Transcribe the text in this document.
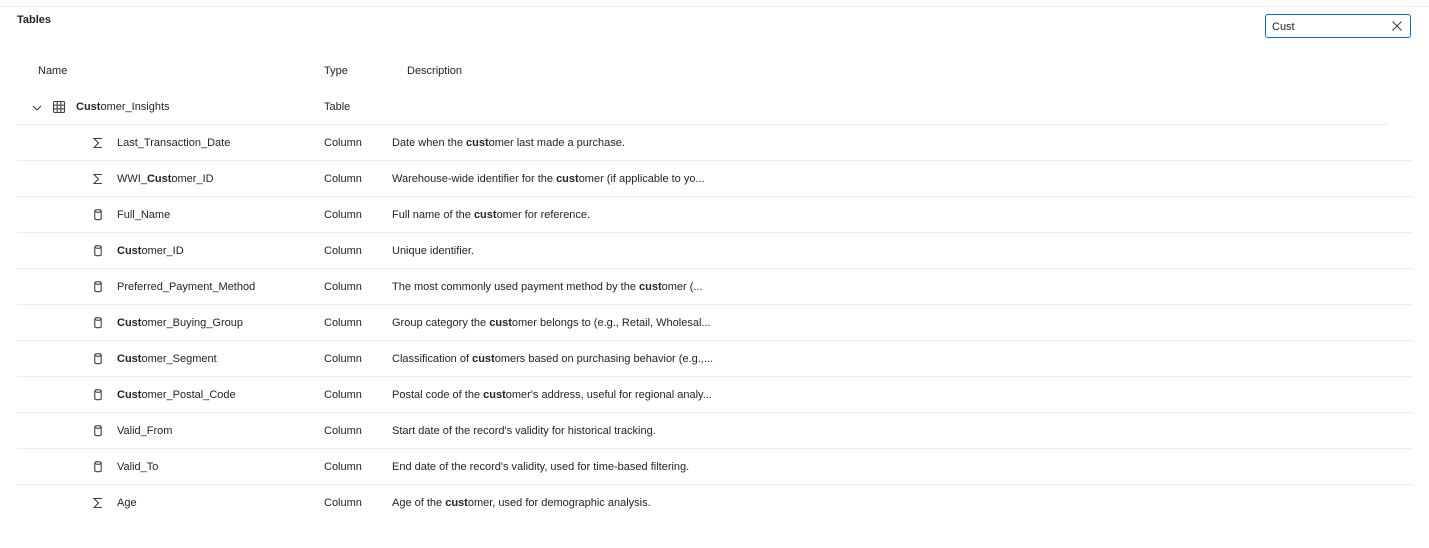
Tables
Cust
Name	Type	Description
Customer_Insights	Table
Last_Transaction_Date	Column	Date when the customer last made a purchase.
WWI_Customer_ID	Column	Warehouse-wide identifier for the customer (if applicable to yo...
Full_Name	Column	Full name of the customer for reference.
Customer_ID	Column	Unique identifier.
Preferred_Payment_Method	Column	The most commonly used payment method by the customer (...
Customer_Buying_Group	Column	Group category the customer belongs to (e.g., Retail, Wholesal...
Customer_Segment	Column	Classification of customers based on purchasing behavior (e.g.,...
Customer_Postal_Code	Column	Postal code of the customer's address, useful for regional analy...
Valid_From	Column	Start date of the record's validity for historical tracking.
Valid_To	Column	End date of the record's validity, used for time-based filtering.
Age	Column	Age of the customer, used for demographic analysis.
